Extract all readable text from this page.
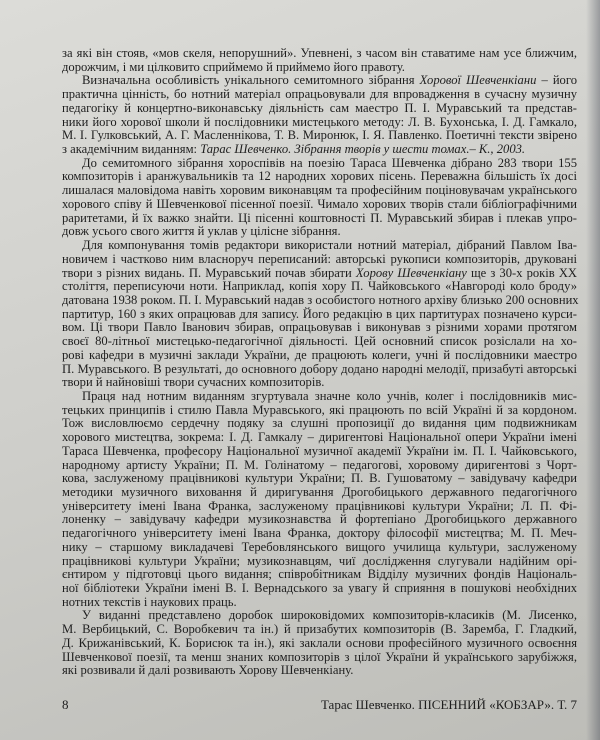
за які він стояв, «мов скеля, непорушний». Упевнені, з часом він ставатиме нам усе ближчим,
дорожчим, і ми цілковито сприймемо й приймемо його правоту.
Визначальна особливість унікального семитомного зібрання Хорової Шевченкіани – його
практична цінність, бо нотний матеріал опрацьовували для впровадження в сучасну музичну
педагогіку й концертно-виконавську діяльність сам маестро П. І. Муравський та представ-
ники його хорової школи й послідовники мистецького методу: Л. В. Бухонська, І. Д. Гамкало,
М. І. Гулковський, А. Г. Масленнікова, Т. В. Миронюк, І. Я. Павленко. Поетичні тексти звірено
з академічним виданням: Тарас Шевченко. Зібрання творів у шести томах.– К., 2003.
До семитомного зібрання хороспівів на поезію Тараса Шевченка дібрано 283 твори 155
композиторів і аранжувальників та 12 народних хорових пісень. Переважна більшість їх досі
лишалася маловідома навіть хоровим виконавцям та професійним поціновувачам українського
хорового співу й Шевченкової пісенної поезії. Чимало хорових творів стали бібліографічними
раритетами, й їх важко знайти. Ці пісенні коштовності П. Муравський збирав і плекав упро-
довж усього свого життя й уклав у цілісне зібрання.
Для компонування томів редактори використали нотний матеріал, дібраний Павлом Іва-
новичем і частково ним власноруч переписаний: авторські рукописи композиторів, друковані
твори з різних видань. П. Муравський почав збирати Хорову Шевченкіану ще з 30-х років XX
століття, переписуючи ноти. Наприклад, копія хору П. Чайковського «Навгороді коло броду»
датована 1938 роком. П. І. Муравський надав з особистого нотного архіву близько 200 основних
партитур, 160 з яких опрацював для запису. Його редакцію в цих партитурах позначено курси-
вом. Ці твори Павло Іванович збирав, опрацьовував і виконував з різними хорами протягом
своєї 80-літньої мистецько-педагогічної діяльності. Цей основний список розіслали на хо-
рові кафедри в музичні заклади України, де працюють колеги, учні й послідовники маестро
П. Муравського. В результаті, до основного добору додано народні мелодії, призабуті авторські
твори й найновіші твори сучасних композиторів.
Праця над нотним виданням згуртувала значне коло учнів, колег і послідовників мис-
тецьких принципів і стилю Павла Муравського, які працюють по всій Україні й за кордоном.
Тож висловлюємо сердечну подяку за слушні пропозиції до видання цим подвижникам
хорового мистецтва, зокрема: І. Д. Гамкалу – диригентові Національної опери України імені
Тараса Шевченка, професору Національної музичної академії України ім. П. І. Чайковського,
народному артисту України; П. М. Голінатому – педагогові, хоровому диригентові з Чорт-
кова, заслуженому працівникові культури України; П. В. Гушоватому – завідувачу кафедри
методики музичного виховання й диригування Дрогобицького державного педагогічного
університету імені Івана Франка, заслуженому працівникові культури України; Л. П. Фі-
лоненку – завідувачу кафедри музикознавства й фортепіано Дрогобицького державного
педагогічного університету імені Івана Франка, доктору філософії мистецтва; М. П. Меч-
нику – старшому викладачеві Теребовлянського вищого училища культури, заслуженому
працівникові культури України; музикознавцям, чиї дослідження слугували надійним орі-
єнтиром у підготовці цього видання; співробітникам Відділу музичних фондів Національ-
ної бібліотеки України імені В. І. Вернадського за увагу й сприяння в пошукові необхідних
нотних текстів і наукових праць.
У виданні представлено доробок широковідомих композиторів-класиків (М. Лисенко,
М. Вербицький, С. Воробкевич та ін.) й призабутих композиторів (В. Заремба, Г. Гладкий,
Д. Крижанівський, К. Борисюк та ін.), які заклали основи професійного музичного освоєння
Шевченкової поезії, та менш знаних композиторів з цілої України й українського зарубіжжя,
які розвивали й далі розвивають Хорову Шевченкіану.
8	Тарас Шевченко. ПІСЕННИЙ «КОБЗАР». Т. 7
